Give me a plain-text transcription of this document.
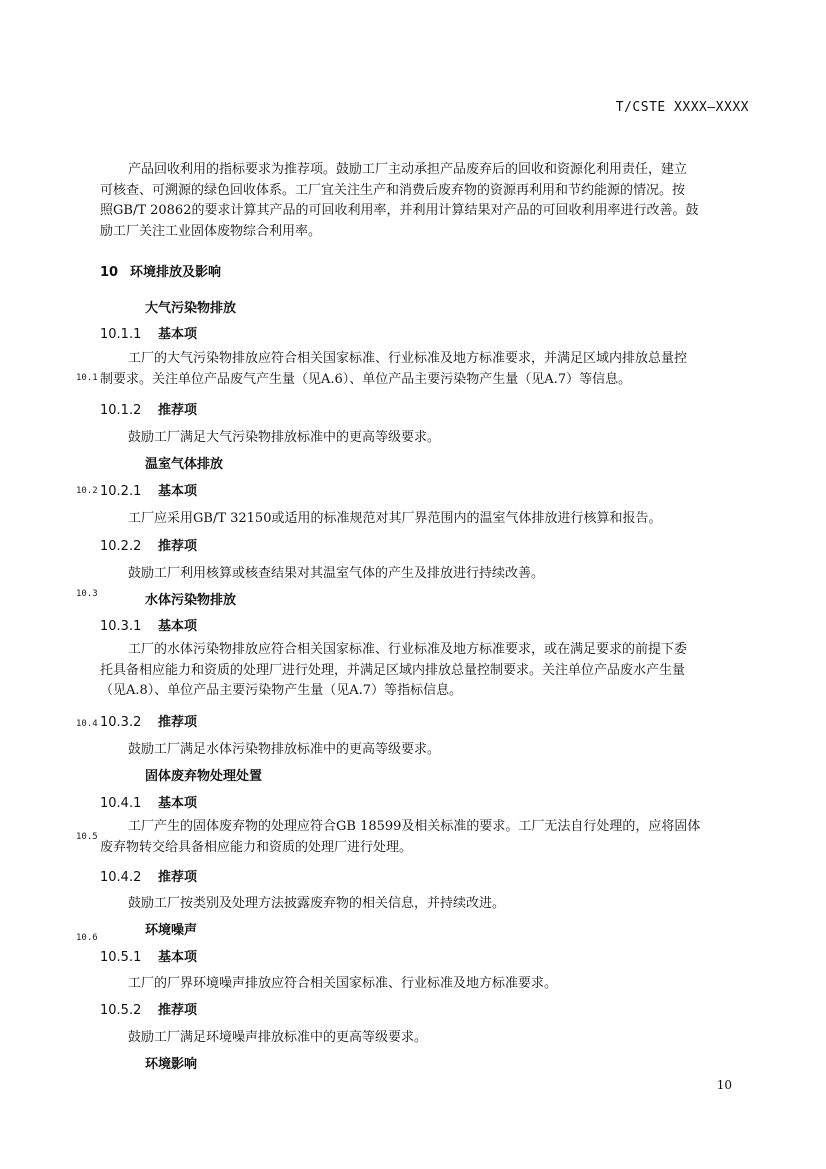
T/CSTE XXXX—XXXX
产品回收利用的指标要求为推荐项。鼓励工厂主动承担产品废弃后的回收和资源化利用责任，建立
可核查、可溯源的绿色回收体系。工厂宜关注生产和消费后废弃物的资源再利用和节约能源的情况。按
照GB/T 20862的要求计算其产品的可回收利用率，并利用计算结果对产品的可回收利用率进行改善。鼓
励工厂关注工业固体废物综合利用率。
10 环境排放及影响
10.1
10.2
10.3
10.4
10.5
10.6
大气污染物排放
10.1.1 基本项
工厂的大气污染物排放应符合相关国家标准、行业标准及地方标准要求，并满足区域内排放总量控
制要求。关注单位产品废气产生量（见A.6）、单位产品主要污染物产生量（见A.7）等信息。
10.1.2 推荐项
鼓励工厂满足大气污染物排放标准中的更高等级要求。
温室气体排放
10.2.1 基本项
工厂应采用GB/T 32150或适用的标准规范对其厂界范围内的温室气体排放进行核算和报告。
10.2.2 推荐项
鼓励工厂利用核算或核查结果对其温室气体的产生及排放进行持续改善。
水体污染物排放
10.3.1 基本项
工厂的水体污染物排放应符合相关国家标准、行业标准及地方标准要求，或在满足要求的前提下委
托具备相应能力和资质的处理厂进行处理，并满足区域内排放总量控制要求。关注单位产品废水产生量
（见A.8）、单位产品主要污染物产生量（见A.7）等指标信息。
10.3.2 推荐项
鼓励工厂满足水体污染物排放标准中的更高等级要求。
固体废弃物处理处置
10.4.1 基本项
工厂产生的固体废弃物的处理应符合GB 18599及相关标准的要求。工厂无法自行处理的，应将固体
废弃物转交给具备相应能力和资质的处理厂进行处理。
10.4.2 推荐项
鼓励工厂按类别及处理方法披露废弃物的相关信息，并持续改进。
环境噪声
10.5.1 基本项
工厂的厂界环境噪声排放应符合相关国家标准、行业标准及地方标准要求。
10.5.2 推荐项
鼓励工厂满足环境噪声排放标准中的更高等级要求。
环境影响
10
